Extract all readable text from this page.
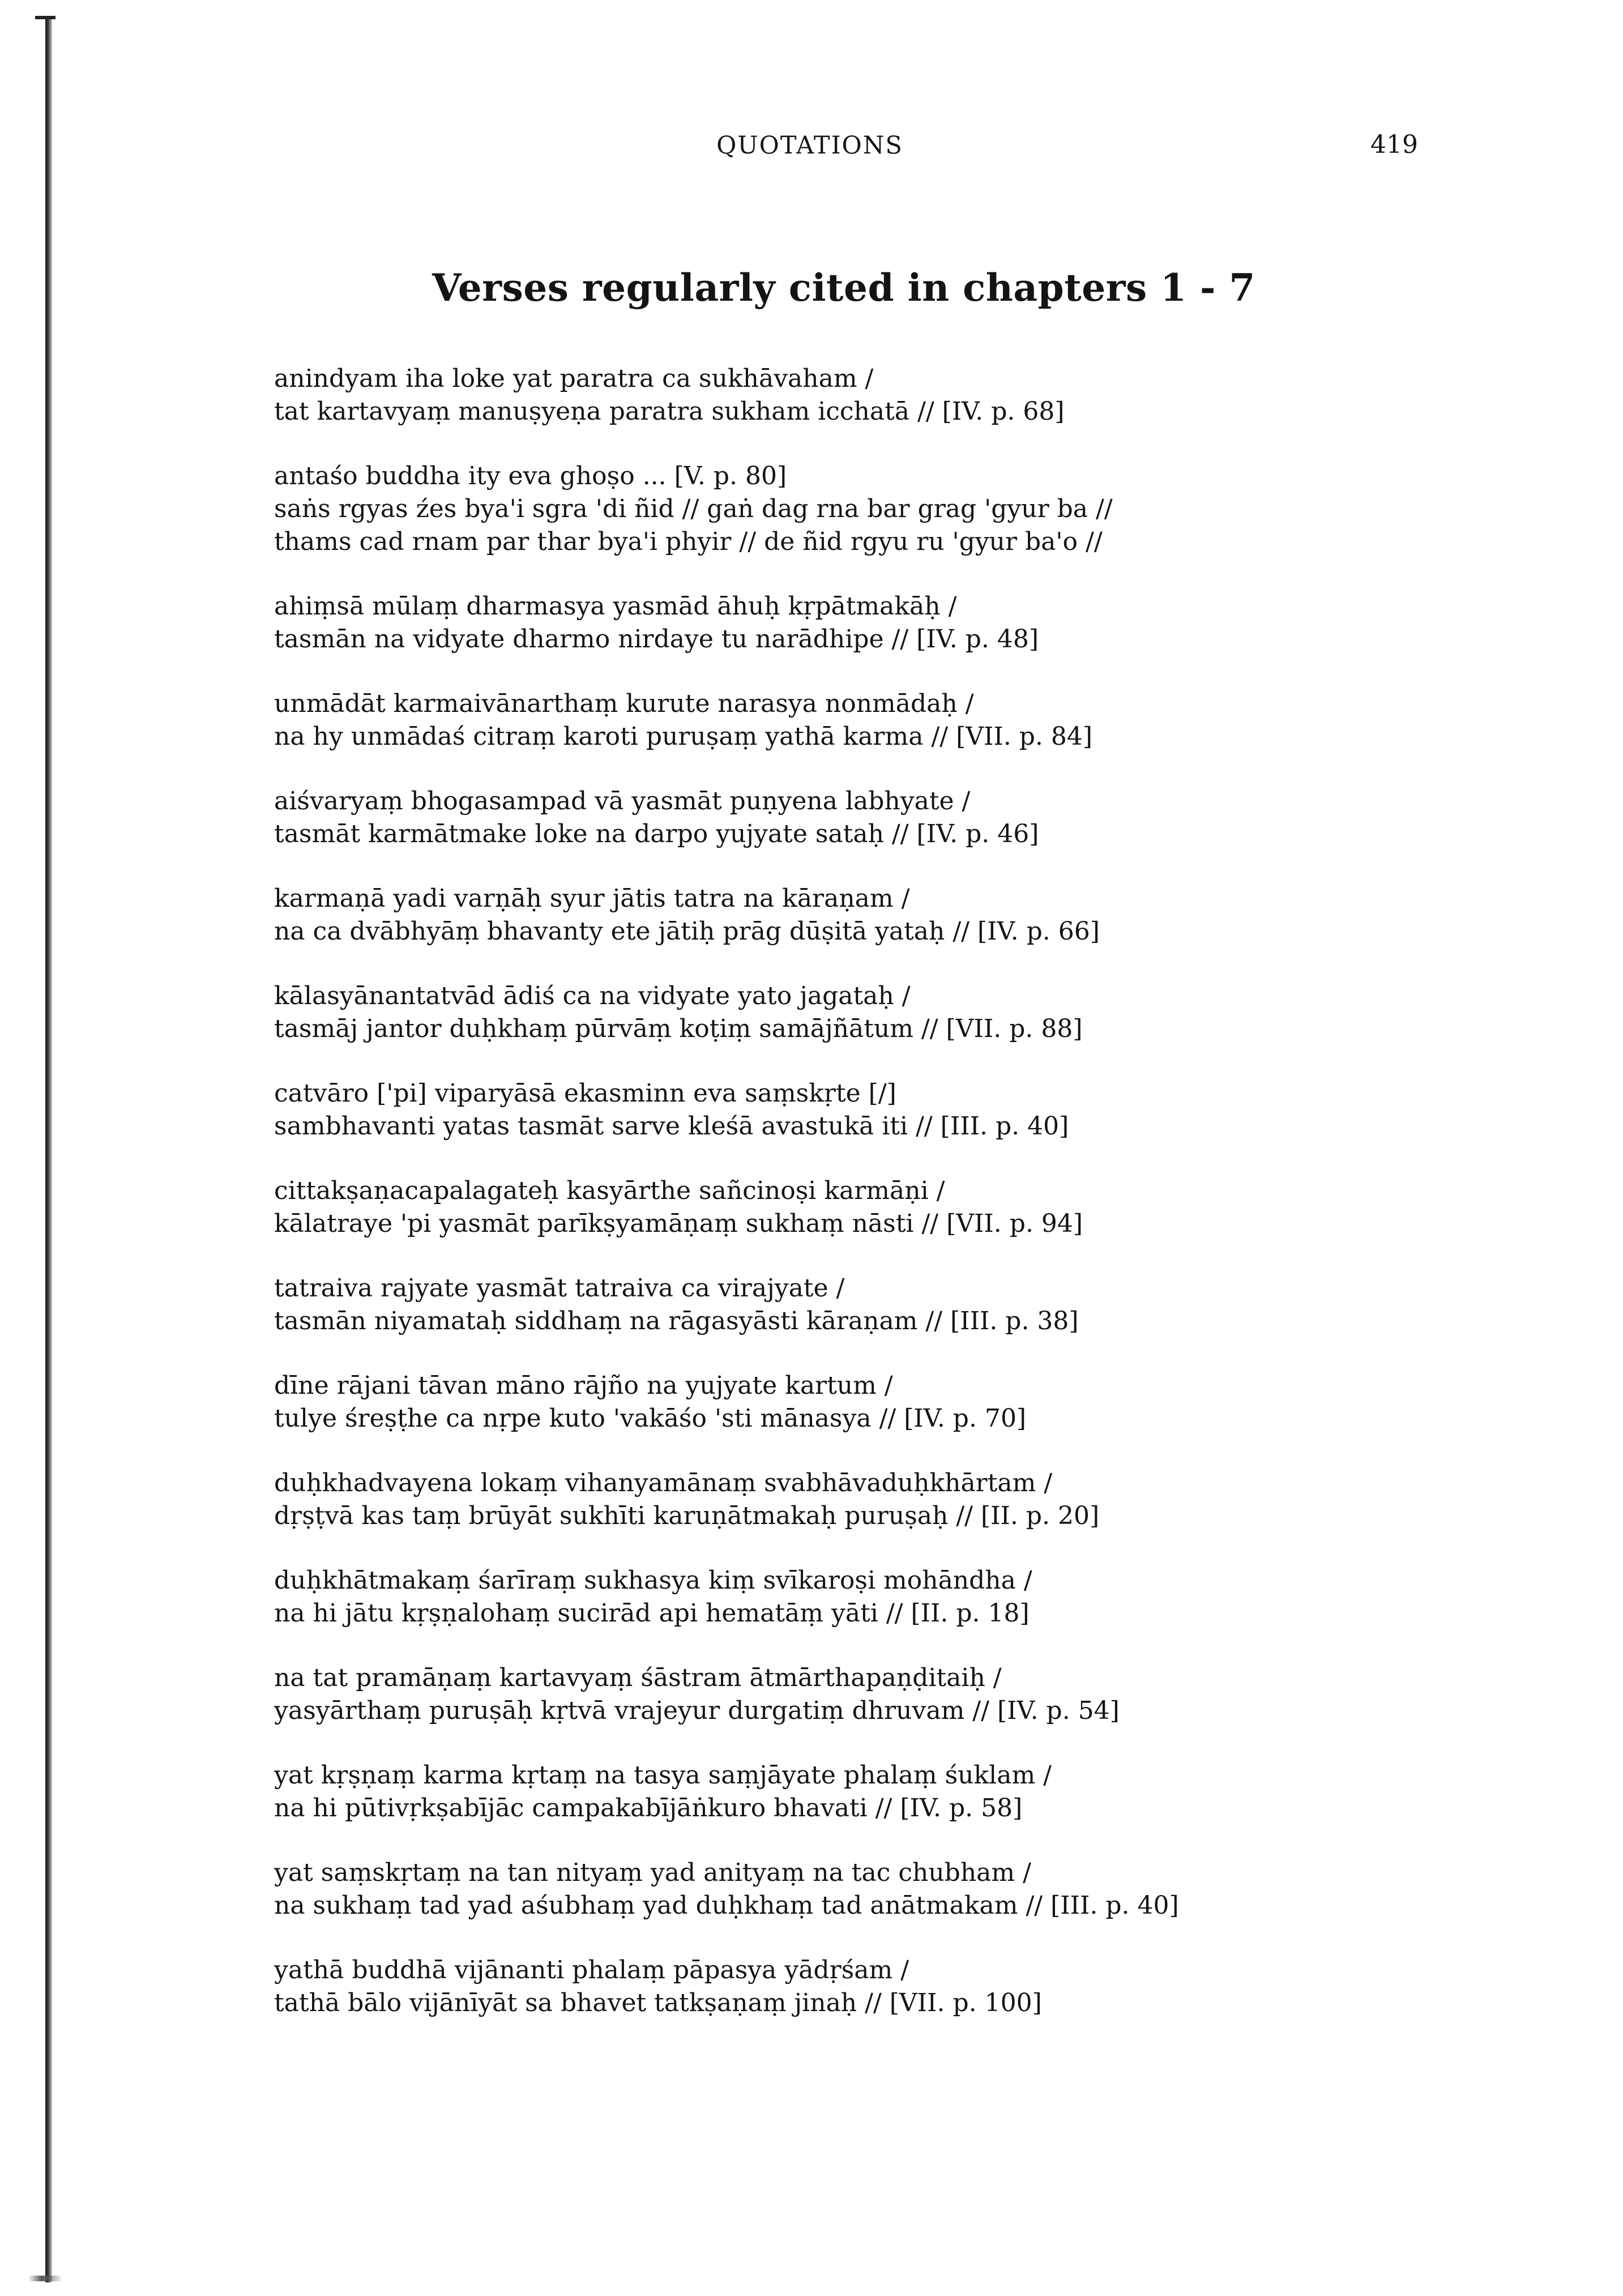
QUOTATIONS	419
Verses regularly cited in chapters 1 - 7
anindyam iha loke yat paratra ca sukhāvaham /
tat kartavyaṃ manuṣyeṇa paratra sukham icchatā // [IV. p. 68]
antaśo buddha ity eva ghoṣo ... [V. p. 80]
saṅs rgyas źes bya'i sgra 'di ñid // gaṅ dag rna bar grag 'gyur ba //
thams cad rnam par thar bya'i phyir // de ñid rgyu ru 'gyur ba'o //
ahiṃsā mūlaṃ dharmasya yasmād āhuḥ kṛpātmakāḥ /
tasmān na vidyate dharmo nirdaye tu narādhipe // [IV. p. 48]
unmādāt karmaivānarthaṃ kurute narasya nonmādaḥ /
na hy unmādaś citraṃ karoti puruṣaṃ yathā karma // [VII. p. 84]
aiśvaryaṃ bhogasampad vā yasmāt puṇyena labhyate /
tasmāt karmātmake loke na darpo yujyate sataḥ // [IV. p. 46]
karmaṇā yadi varṇāḥ syur jātis tatra na kāraṇam /
na ca dvābhyāṃ bhavanty ete jātiḥ prāg dūṣitā yataḥ // [IV. p. 66]
kālasyānantatvād ādiś ca na vidyate yato jagataḥ /
tasmāj jantor duḥkhaṃ pūrvāṃ koṭiṃ samājñātum // [VII. p. 88]
catvāro ['pi] viparyāsā ekasminn eva saṃskṛte [/]
sambhavanti yatas tasmāt sarve kleśā avastukā iti // [III. p. 40]
cittakṣaṇacapalagateḥ kasyārthe sañcinoṣi karmāṇi /
kālatraye 'pi yasmāt parīkṣyamāṇaṃ sukhaṃ nāsti // [VII. p. 94]
tatraiva rajyate yasmāt tatraiva ca virajyate /
tasmān niyamataḥ siddhaṃ na rāgasyāsti kāraṇam // [III. p. 38]
dīne rājani tāvan māno rājño na yujyate kartum /
tulye śreṣṭhe ca nṛpe kuto 'vakāśo 'sti mānasya // [IV. p. 70]
duḥkhadvayena lokaṃ vihanyamānaṃ svabhāvaduḥkhārtam /
dṛṣṭvā kas taṃ brūyāt sukhīti karuṇātmakaḥ puruṣaḥ // [II. p. 20]
duḥkhātmakaṃ śarīraṃ sukhasya kiṃ svīkaroṣi mohāndha /
na hi jātu kṛṣṇalohaṃ sucirād api hematāṃ yāti // [II. p. 18]
na tat pramāṇaṃ kartavyaṃ śāstram ātmārthapaṇḍitaiḥ /
yasyārthaṃ puruṣāḥ kṛtvā vrajeyur durgatiṃ dhruvam // [IV. p. 54]
yat kṛṣṇaṃ karma kṛtaṃ na tasya saṃjāyate phalaṃ śuklam /
na hi pūtivṛkṣabījāc campakabījāṅkuro bhavati // [IV. p. 58]
yat saṃskṛtaṃ na tan nityaṃ yad anityaṃ na tac chubham /
na sukhaṃ tad yad aśubhaṃ yad duḥkhaṃ tad anātmakam // [III. p. 40]
yathā buddhā vijānanti phalaṃ pāpasya yādṛśam /
tathā bālo vijānīyāt sa bhavet tatkṣaṇaṃ jinaḥ // [VII. p. 100]
